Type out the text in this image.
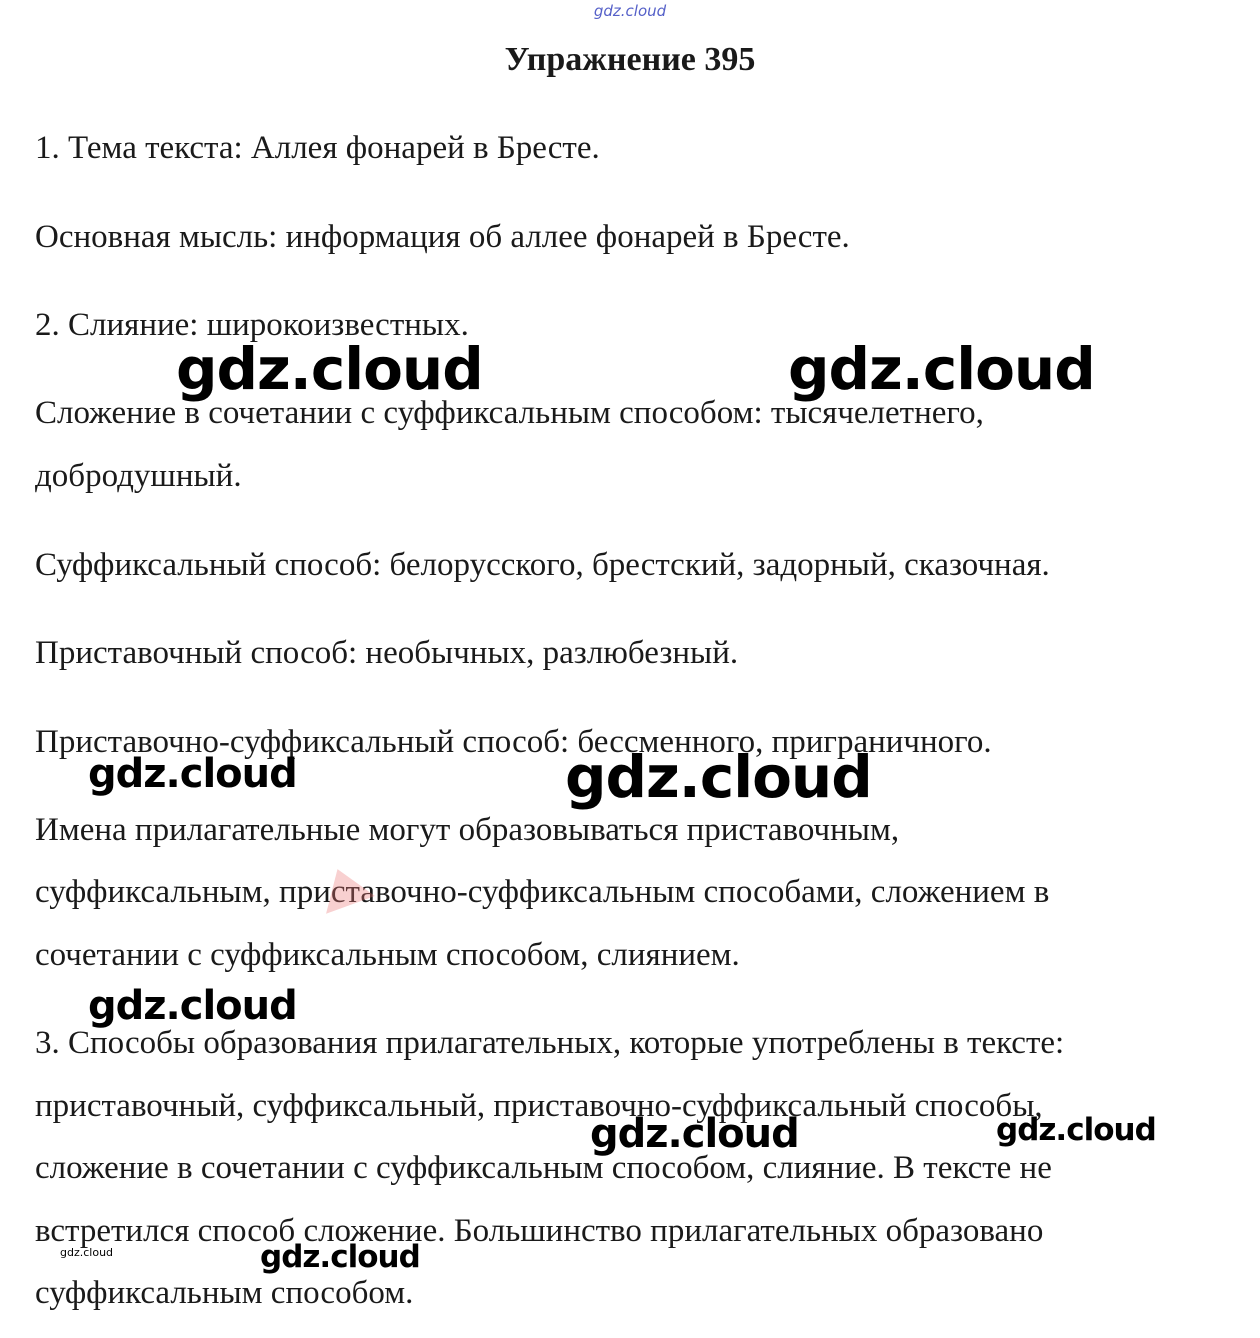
gdz.cloud
Упражнение 395

1. Тема текста: Аллея фонарей в Бресте.

Основная мысль: информация об аллее фонарей в Бресте.

2. Слияние: широкоизвестных.

Сложение в сочетании с суффиксальным способом: тысячелетнего,

добродушный.

Суффиксальный способ: белорусского, брестский, задорный, сказочная.

Приставочный способ: необычных, разлюбезный.

Приставочно-суффиксальный способ: бессменного, приграничного.

Имена прилагательные могут образовываться приставочным,

суффиксальным, приставочно-суффиксальным способами, сложением в

сочетании с суффиксальным способом, слиянием.

3. Способы образования прилагательных, которые употреблены в тексте:

приставочный, суффиксальный, приставочно-суффиксальный способы,

сложение в сочетании с суффиксальным способом, слияние. В тексте не

встретился способ сложение. Большинство прилагательных образовано

суффиксальным способом.

gdz.cloud	gdz.cloud
gdz.cloud	gdz.cloud
gdz.cloud
gdz.cloud	gdz.cloud
gdz.cloud	gdz.cloud
